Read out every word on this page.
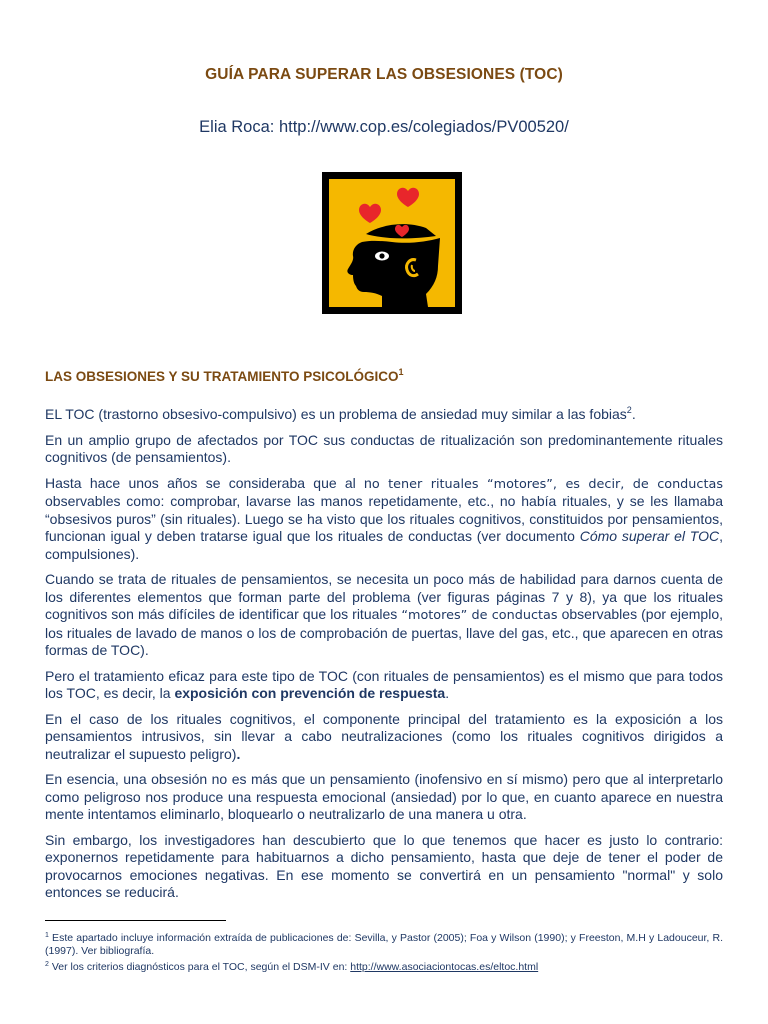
GUÍA PARA SUPERAR LAS OBSESIONES (TOC)
Elia Roca: http://www.cop.es/colegiados/PV00520/
LAS OBSESIONES Y SU TRATAMIENTO PSICOLÓGICO$^1$

EL TOC (trastorno obsesivo-compulsivo) es un problema de ansiedad muy similar a las fobias$^2$.

En un amplio grupo de afectados por TOC sus conductas de ritualización son predominantemente rituales cognitivos (de pensamientos).

Hasta hace unos años se consideraba que al no tener rituales “motores”, es decir, de conductas observables como: comprobar, lavarse las manos repetidamente, etc., no había rituales, y se les llamaba “obsesivos puros” (sin rituales). Luego se ha visto que los rituales cognitivos, constituidos por pensamientos, funcionan igual y deben tratarse igual que los rituales de conductas (ver documento Cómo superar el TOC, compulsiones).

Cuando se trata de rituales de pensamientos, se necesita un poco más de habilidad para darnos cuenta de los diferentes elementos que forman parte del problema (ver figuras páginas 7 y 8), ya que los rituales cognitivos son más difíciles de identificar que los rituales “motores” de conductas observables (por ejemplo, los rituales de lavado de manos o los de comprobación de puertas, llave del gas, etc., que aparecen en otras formas de TOC).

Pero el tratamiento eficaz para este tipo de TOC (con rituales de pensamientos) es el mismo que para todos los TOC, es decir, la exposición con prevención de respuesta.

En el caso de los rituales cognitivos, el componente principal del tratamiento es la exposición a los pensamientos intrusivos, sin llevar a cabo neutralizaciones (como los rituales cognitivos dirigidos a neutralizar el supuesto peligro).

En esencia, una obsesión no es más que un pensamiento (inofensivo en sí mismo) pero que al interpretarlo como peligroso nos produce una respuesta emocional (ansiedad) por lo que, en cuanto aparece en nuestra mente intentamos eliminarlo, bloquearlo o neutralizarlo de una manera u otra.

Sin embargo, los investigadores han descubierto que lo que tenemos que hacer es justo lo contrario: exponernos repetidamente para habituarnos a dicho pensamiento, hasta que deje de tener el poder de provocarnos emociones negativas. En ese momento se convertirá en un pensamiento "normal" y solo entonces se reducirá.

$^1$ Este apartado incluye información extraída de publicaciones de: Sevilla, y Pastor (2005); Foa y Wilson (1990); y Freeston, M.H y Ladouceur, R. (1997). Ver bibliografía.

$^2$ Ver los criterios diagnósticos para el TOC, según el DSM-IV en: http://www.asociaciontocas.es/eltoc.html
